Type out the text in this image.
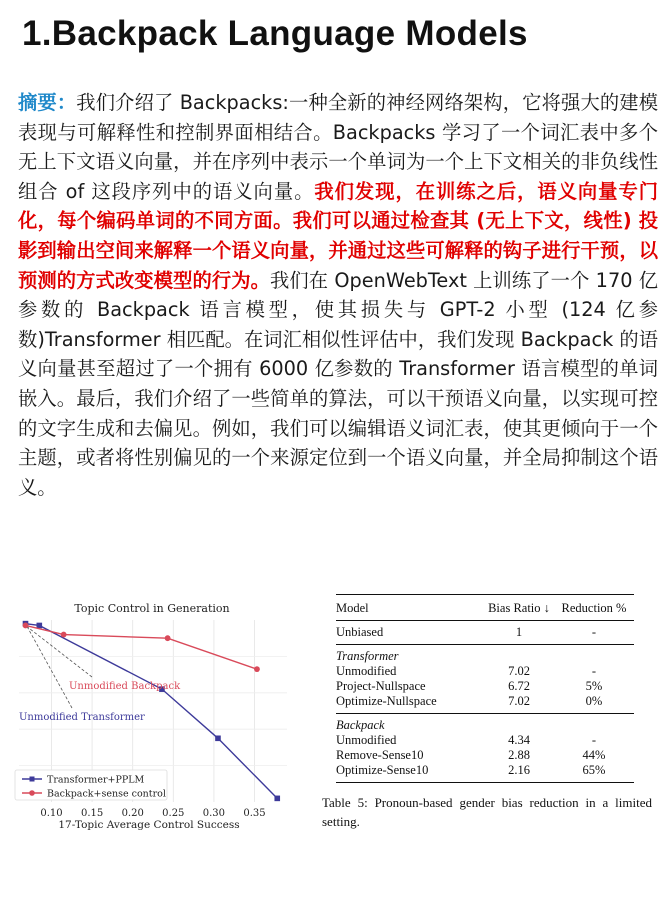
1.Backpack Language Models

摘要：我们介绍了 Backpacks:一种全新的神经网络架构，它将强大的建模表现与可解释性和控制界面相结合。Backpacks 学习了一个词汇表中多个无上下文语义向量，并在序列中表示一个单词为一个上下文相关的非负线性组合 of 这段序列中的语义向量。我们发现，在训练之后，语义向量专门化，每个编码单词的不同方面。我们可以通过检查其 (无上下文，线性) 投影到输出空间来解释一个语义向量，并通过这些可解释的钩子进行干预，以预测的方式改变模型的行为。我们在 OpenWebText 上训练了一个 170 亿参数的 Backpack 语言模型，使其损失与 GPT-2 小型 (124 亿参数)Transformer 相匹配。在词汇相似性评估中，我们发现 Backpack 的语义向量甚至超过了一个拥有 6000 亿参数的 Transformer 语言模型的单词嵌入。最后，我们介绍了一些简单的算法，可以干预语义向量，以实现可控的文字生成和去偏见。例如，我们可以编辑语义词汇表，使其更倾向于一个主题，或者将性别偏见的一个来源定位到一个语义向量，并全局抑制这个语义。

Topic Control in Generation
0.10 0.15 0.20 0.25 0.30 0.35
17-Topic Average Control Success
Unmodified Backpack
Unmodified Transformer
Transformer+PPLM
Backpack+sense control
Model	Bias Ratio ↓	Reduction %
Unbiased	1	-
Transformer		
Unmodified	7.02	-
Project-Nullspace	6.72	5%
Optimize-Nullspace	7.02	0%
Backpack		
Unmodified	4.34	-
Remove-Sense10	2.88	44%
Optimize-Sense10	2.16	65%
Table 5: Pronoun-based gender bias reduction in a limited setting.
